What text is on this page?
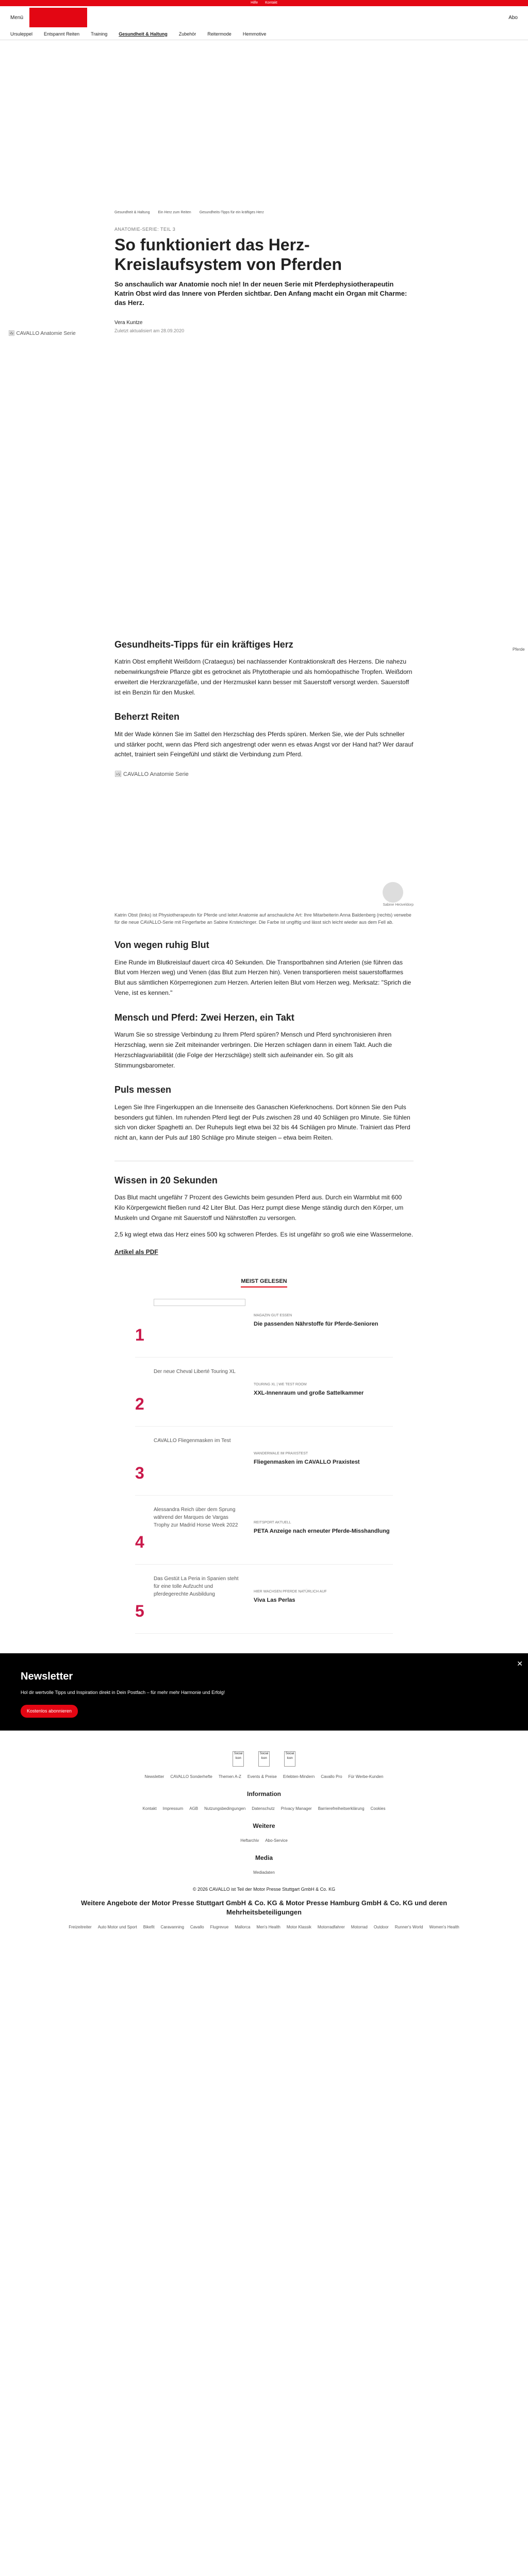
Hilfe Kontakt
Menü	Abo
Ursuleppel Entspannt Reiten Training Gesundheit & Haltung Zubehör Reitermode Hemmotive
Gesundheit & Haltung Ein Herz zum Reiten Gesundheits-Tipps für ein kräftiges Herz
ANATOMIE-SERIE: TEIL 3
So funktioniert das Herz-Kreislaufsystem von Pferden
So anschaulich war Anatomie noch nie! In der neuen Serie mit Pferdephysiotherapeutin Katrin Obst wird das Innere von Pferden sichtbar. Den Anfang macht ein Organ mit Charme: das Herz.
Vera Kuntze
Zuletzt aktualisiert am 28.09.2020
🖼 CAVALLO Anatomie Serie
Pferde
Gesundheits-Tipps für ein kräftiges Herz

Katrin Obst empfiehlt Weißdorn (Crataegus) bei nachlassender Kontraktionskraft des Herzens. Die nahezu nebenwirkungsfreie Pflanze gibt es getrocknet als Phytotherapie und als homöopathische Tropfen. Weißdorn erweitert die Herzkranzgefäße, und der Herzmuskel kann besser mit Sauerstoff versorgt werden. Sauerstoff ist ein Benzin für den Muskel.

Beherzt Reiten

Mit der Wade können Sie im Sattel den Herzschlag des Pferds spüren. Merken Sie, wie der Puls schneller und stärker pocht, wenn das Pferd sich angestrengt oder wenn es etwas Angst vor der Hand hat? Wer darauf achtet, trainiert sein Feingefühl und stärkt die Verbindung zum Pferd.

🖼 CAVALLO Anatomie Serie
Sabine Heüveldorp
Katrin Obst (links) ist Physiotherapeutin für Pferde und leitet Anatomie auf anschauliche Art: Ihre Mitarbeiterin Anna Baldenberg (rechts) verwebe für die neue CAVALLO-Serie mit Fingerfarbe an Sabine Krsteichinger. Die Farbe ist ungiftig und lässt sich leicht wieder aus dem Fell ab.
Von wegen ruhig Blut

Eine Runde im Blutkreislauf dauert circa 40 Sekunden. Die Transportbahnen sind Arterien (sie führen das Blut vom Herzen weg) und Venen (das Blut zum Herzen hin). Venen transportieren meist sauerstoffarmes Blut aus sämtlichen Körperregionen zum Herzen. Arterien leiten Blut vom Herzen weg. Merksatz: "Sprich die Vene, ist es kennen."

Mensch und Pferd: Zwei Herzen, ein Takt

Warum Sie so stressige Verbindung zu Ihrem Pferd spüren? Mensch und Pferd synchronisieren ihren Herzschlag, wenn sie Zeit miteinander verbringen. Die Herzen schlagen dann in einem Takt. Auch die Herzschlagvariabilität (die Folge der Herzschläge) stellt sich aufeinander ein. So gilt als Stimmungsbarometer.

Puls messen

Legen Sie Ihre Fingerkuppen an die Innenseite des Ganaschen Kieferknochens. Dort können Sie den Puls besonders gut fühlen. Im ruhenden Pferd liegt der Puls zwischen 28 und 40 Schlägen pro Minute. Sie fühlen sich von dicker Spaghetti an. Der Ruhepuls liegt etwa bei 32 bis 44 Schlägen pro Minute. Trainiert das Pferd nicht an, kann der Puls auf 180 Schläge pro Minute steigen – etwa beim Reiten.

Wissen in 20 Sekunden

Das Blut macht ungefähr 7 Prozent des Gewichts beim gesunden Pferd aus. Durch ein Warmblut mit 600 Kilo Körpergewicht fließen rund 42 Liter Blut. Das Herz pumpt diese Menge ständig durch den Körper, um Muskeln und Organe mit Sauerstoff und Nährstoffen zu versorgen.

2,5 kg wiegt etwa das Herz eines 500 kg schweren Pferdes. Es ist ungefähr so groß wie eine Wassermelone.

Artikel als PDF
MEIST GELESEN
1
MAGAZIN GUT ESSEN
Die passenden Nährstoffe für Pferde-Senioren
2
Der neue Cheval Liberté Touring XL
TOURING XL | WE TEST ROOM
XXL-Innenraum und große Sattelkammer
3
CAVALLO Fliegenmasken im Test
WANDERMALE IM PRAXISTEST
Fliegenmasken im CAVALLO Praxistest
4
Alessandra Reich über dem Sprung während der Marques de Vargas Trophy zur Madrid Horse Week 2022	REITSPORT AKTUELL
PETA Anzeige nach erneuter Pferde-Misshandlung
5
Das Gestüt La Peria in Spanien steht für eine tolle Aufzucht und pferdegerechte Ausbildung	HIER WACHSEN PFERDE NATÜRLICH AUF
Viva Las Perlas
✕
Newsletter
Hol dir wertvolle Tipps und Inspiration direkt in Dein Postfach – für mehr mehr Harmonie und Erfolg!
Kostenlos abonnieren
Social Icon
Social Icon
Social Icon
Newsletter CAVALLO Sonderhefte Themen A-Z Events & Preise Erlebten-Mindern Cavallo Pro Für Werbe-Kunden
Information
Kontakt Impressum AGB Nutzungsbedingungen Datenschutz Privacy Manager Barrierefreiheitserklärung Cookies
Weitere
Heftarchiv Abo-Service
Media
Mediadaten
© 2026 CAVALLO ist Teil der Motor Presse Stuttgart GmbH & Co. KG
Weitere Angebote der Motor Presse Stuttgart GmbH & Co. KG & Motor Presse Hamburg GmbH & Co. KG und deren Mehrheitsbeteiligungen
Freizeitreiter Auto Motor und Sport Bikefit Caravanning Cavallo Flugrevue Mallorca Men's Health Motor Klassik Motorradfahrer Motorrad Outdoor Runner's World Women's Health
